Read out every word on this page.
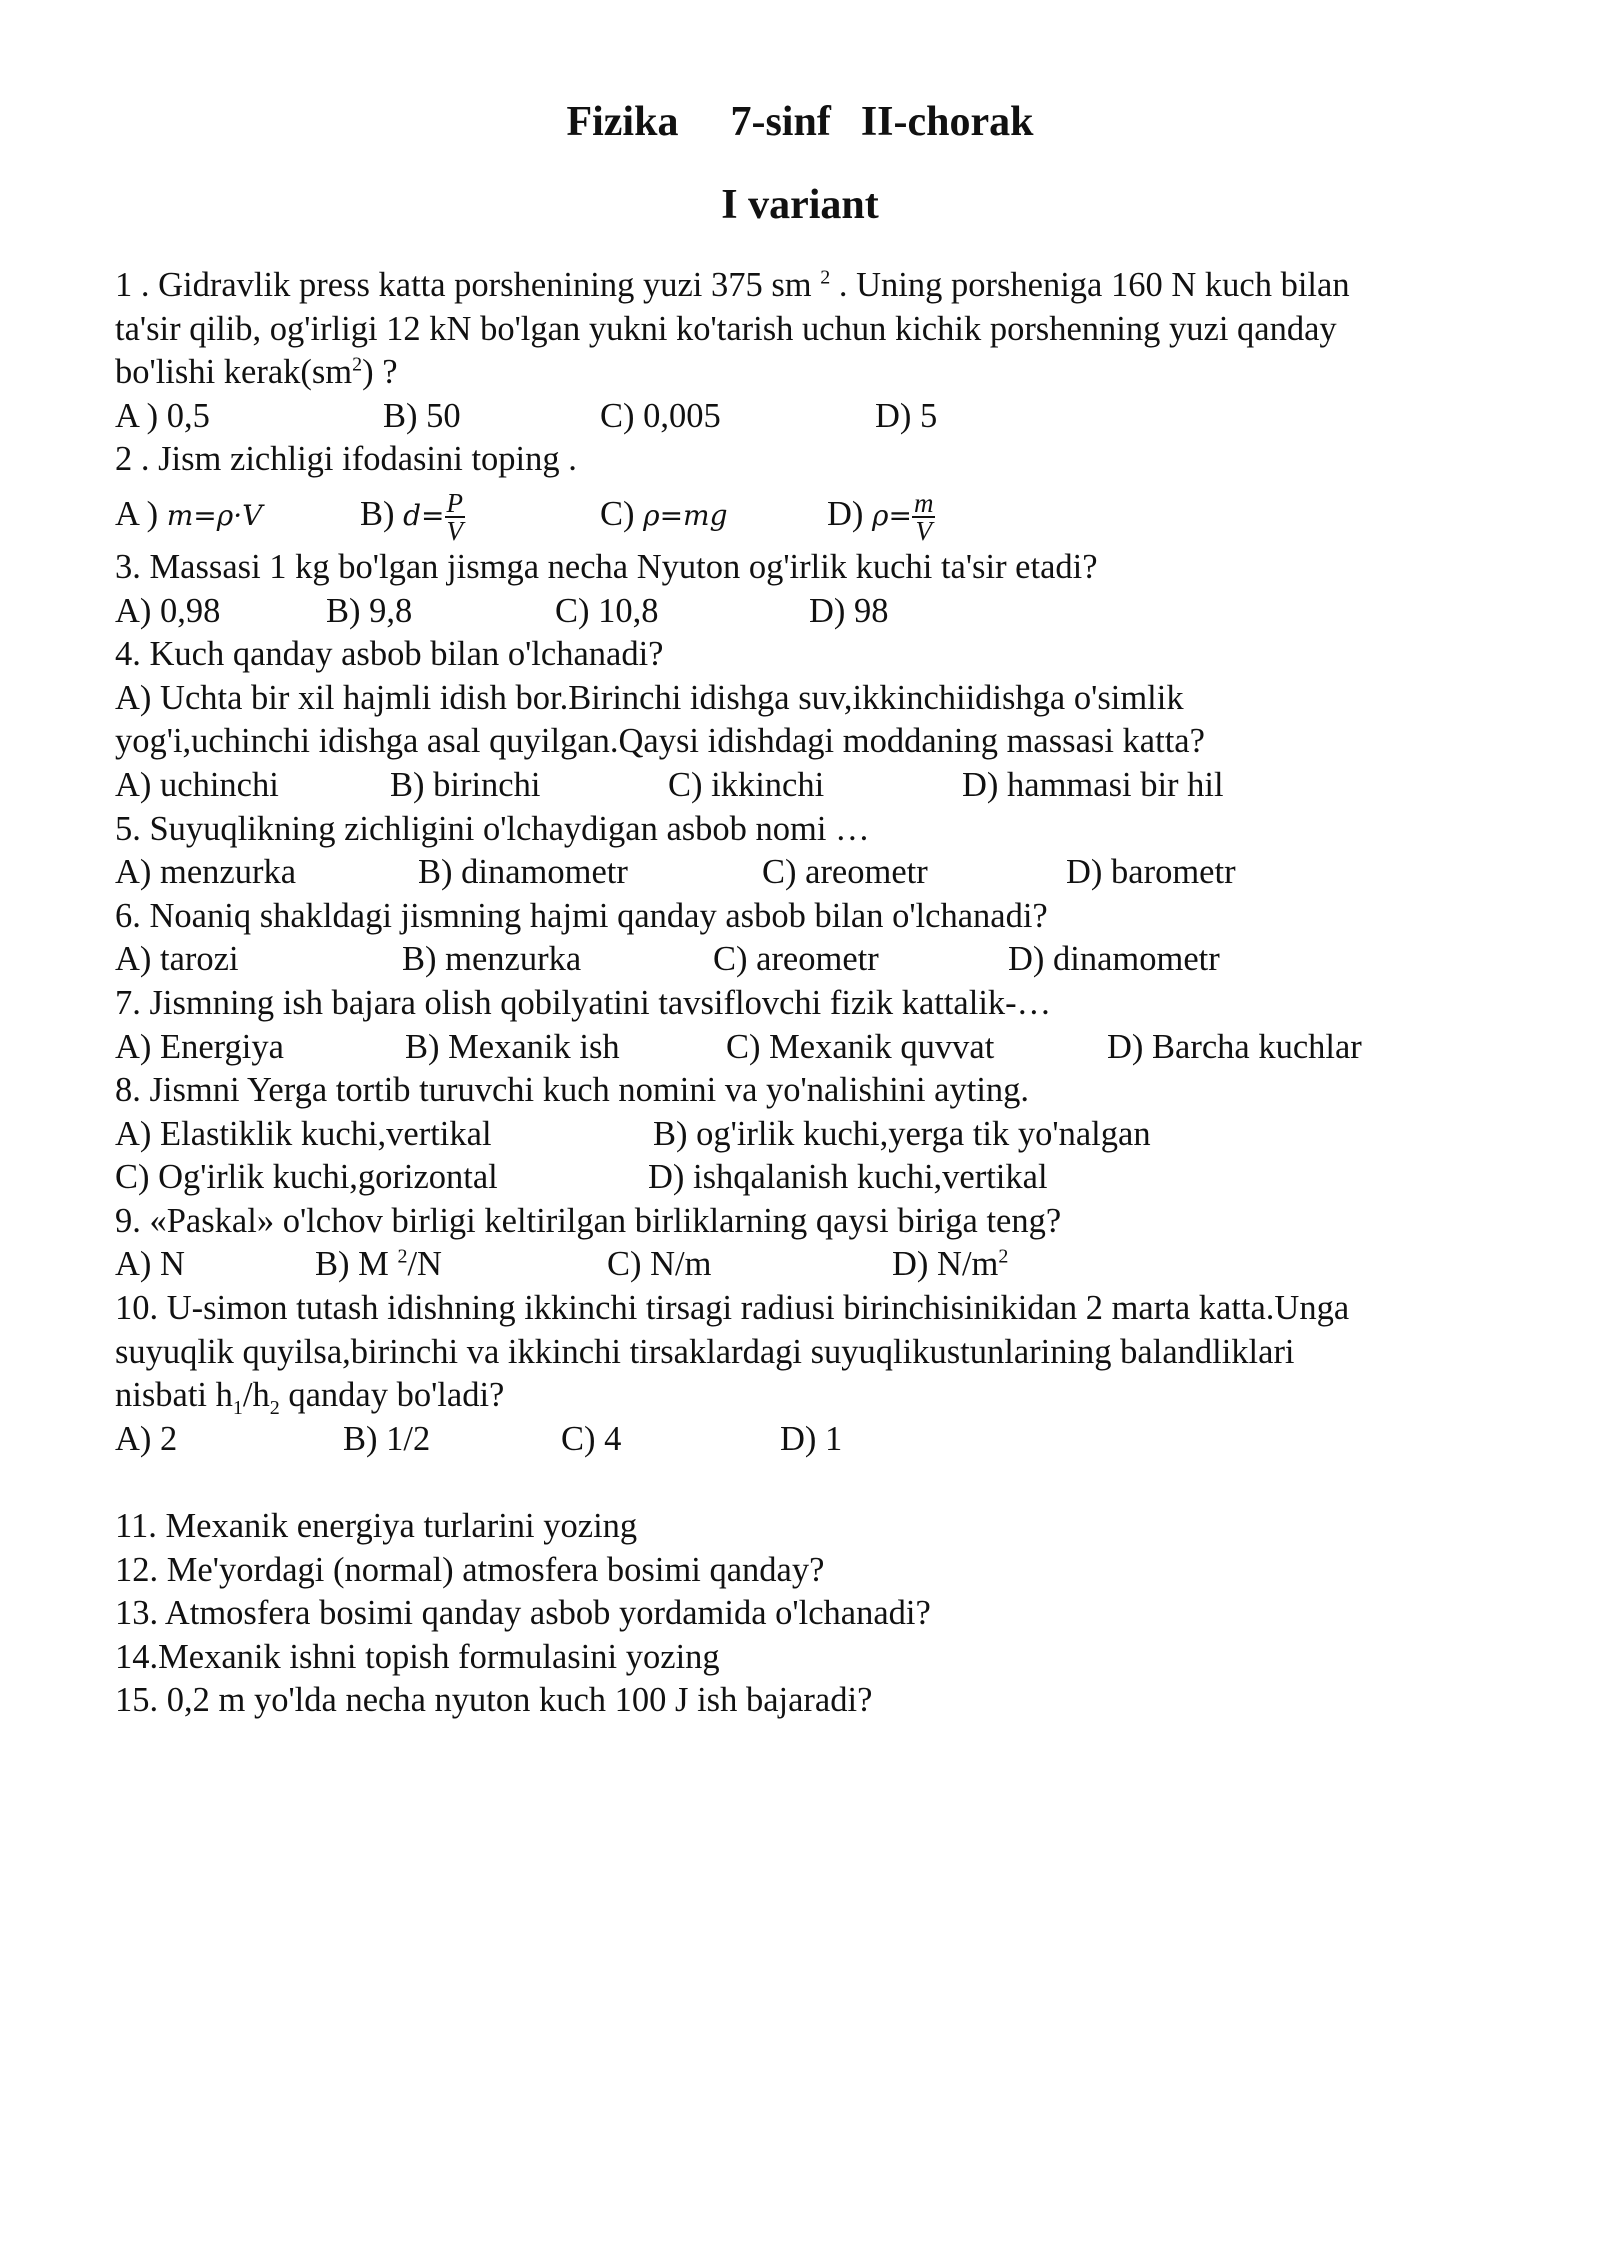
Fizika 7-sinf II-chorak
I variant
1 . Gidravlik press katta porshenining yuzi 375 sm $^2$ . Uning porsheniga 160 N kuch bilan
ta'sir qilib, og'irligi 12 kN bo'lgan yukni ko'tarish uchun kichik porshenning yuzi qanday
bo'lishi $kerak(sm^2)$ ?
A ) 0,5	B) 50	C) 0,005	D) 5
2 . Jism zichligi ifodasini toping .
A ) m=ρ·V	B) $d= \frac{P}{V}$	C) ρ=mg	D) $\rho= \frac{m}{V}$
3. Massasi 1 kg bo'lgan jismga necha Nyuton og'irlik kuchi ta'sir etadi?
A) 0,98	B) 9,8	C) 10,8	D) 98
4. Kuch qanday asbob bilan o'lchanadi?
A) Uchta bir xil hajmli idish bor.Birinchi idishga suv,ikkinchiidishga o'simlik
yog'i,uchinchi idishga asal quyilgan.Qaysi idishdagi moddaning massasi katta?
A) uchinchi	B) birinchi	C) ikkinchi	D) hammasi bir hil
5. Suyuqlikning zichligini o'lchaydigan asbob nomi …
A) menzurka	B) dinamometr	C) areometr	D) barometr
6. Noaniq shakldagi jismning hajmi qanday asbob bilan o'lchanadi?
A) tarozi	B) menzurka	C) areometr	D) dinamometr
7. Jismning ish bajara olish qobilyatini tavsiflovchi fizik kattalik-…
A) Energiya	B) Mexanik ish	C) Mexanik quvvat	D) Barcha kuchlar
8. Jismni Yerga tortib turuvchi kuch nomini va yo'nalishini ayting.
A) Elastiklik kuchi,vertikal	B) og'irlik kuchi,yerga tik yo'nalgan
C) Og'irlik kuchi,gorizontal	D) ishqalanish kuchi,vertikal
9. «Paskal» o'lchov birligi keltirilgan birliklarning qaysi biriga teng?
A) N	B) M $^2$/N	C) N/m	D) $N/m^2$
10. U-simon tutash idishning ikkinchi tirsagi radiusi birinchisinikidan 2 marta katta.Unga
suyuqlik quyilsa,birinchi va ikkinchi tirsaklardagi suyuqlikustunlarining balandliklari
nisbati $h_1/h_2$ qanday bo'ladi?
A) 2	B) 1/2	C) 4	D) 1
11. Mexanik energiya turlarini yozing
12. Me'yordagi (normal) atmosfera bosimi qanday?
13. Atmosfera bosimi qanday asbob yordamida o'lchanadi?
14.Mexanik ishni topish formulasini yozing
15. 0,2 m yo'lda necha nyuton kuch 100 J ish bajaradi?
